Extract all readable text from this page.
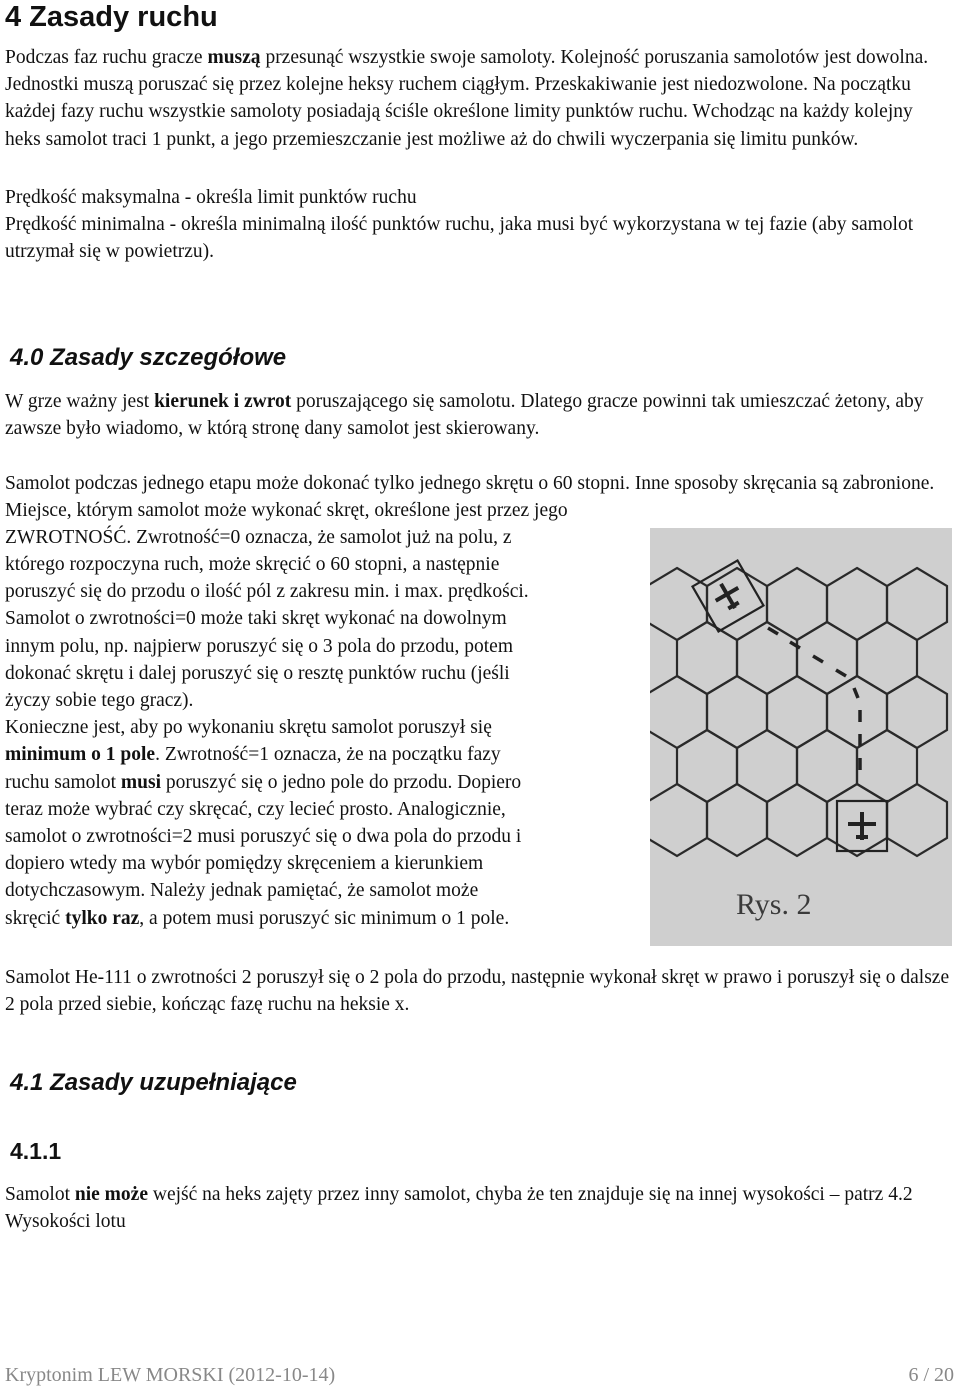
4 Zasady ruchu

Podczas faz ruchu gracze muszą przesunąć wszystkie swoje samoloty. Kolejność poruszania samolotów jest dowolna. Jednostki muszą poruszać się przez kolejne heksy ruchem ciągłym. Przeskakiwanie jest niedozwolone. Na początku każdej fazy ruchu wszystkie samoloty posiadają ściśle określone limity punktów ruchu. Wchodząc na każdy kolejny heks samolot traci 1 punkt, a jego przemieszczanie jest możliwe aż do chwili wyczerpania się limitu punków.

Prędkość maksymalna - określa limit punktów ruchu

Prędkość minimalna - określa minimalną ilość punktów ruchu, jaka musi być wykorzystana w tej fazie (aby samolot utrzymał się w powietrzu).

4.0 Zasady szczegółowe

W grze ważny jest kierunek i zwrot poruszającego się samolotu. Dlatego gracze powinni tak umieszczać żetony, aby zawsze było wiadomo, w którą stronę dany samolot jest skierowany.

Samolot podczas jednego etapu może dokonać tylko jednego skrętu o 60 stopni. Inne sposoby skręcania są zabronione. Miejsce, którym samolot może wykonać skręt, określone jest przez jego

ZWROTNOŚĆ. Zwrotność=0 oznacza, że samolot już na polu, z

którego rozpoczyna ruch, może skręcić o 60 stopni, a następnie
poruszyć się do przodu o ilość pól z zakresu min. i max. prędkości.
Samolot o zwrotności=0 może taki skręt wykonać na dowolnym
innym polu, np. najpierw poruszyć się o 3 pola do przodu, potem
dokonać skrętu i dalej poruszyć się o resztę punktów ruchu (jeśli
życzy sobie tego gracz).
Konieczne jest, aby po wykonaniu skrętu samolot poruszył się
minimum o 1 pole. Zwrotność=1 oznacza, że na początku fazy
ruchu samolot musi poruszyć się o jedno pole do przodu. Dopiero
teraz może wybrać czy skręcać, czy lecieć prosto. Analogicznie,
samolot o zwrotności=2 musi poruszyć się o dwa pola do przodu i
dopiero wtedy ma wybór pomiędzy skręceniem a kierunkiem
dotychczasowym. Należy jednak pamiętać, że samolot może
skręcić tylko raz, a potem musi poruszyć sic minimum o 1 pole.	Rys. 2

Samolot He-111 o zwrotności 2 poruszył się o 2 pola do przodu, następnie wykonał skręt w prawo i poruszył się o dalsze 2 pola przed siebie, kończąc fazę ruchu na heksie x.

4.1 Zasady uzupełniające
4.1.1

Samolot nie może wejść na heks zajęty przez inny samolot, chyba że ten znajduje się na innej wysokości – patrz 4.2 Wysokości lotu

Kryptonim LEW MORSKI (2012-10-14)	6 / 20
